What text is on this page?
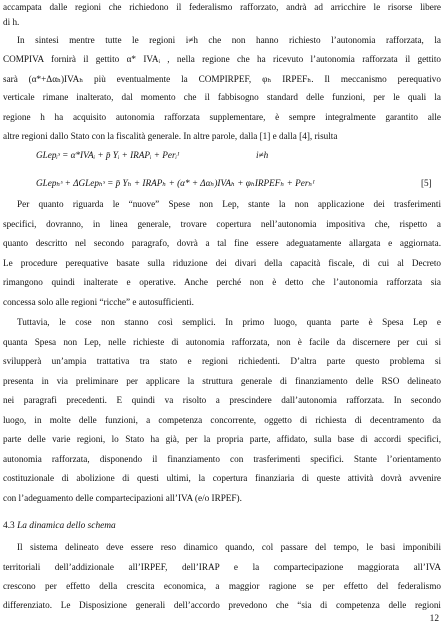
accampata dalle regioni che richiedono il federalismo rafforzato, andrà ad arricchire le risorse libere
di h.
In sintesi mentre tutte le regioni i≠h che non hanno richiesto l’autonomia rafforzata, la
COMPIVA fornirà il gettito α* IVAᵢ , nella regione che ha ricevuto l’autonomia rafforzata il gettito
sarà (α*+Δαₕ)IVAₕ più eventualmente la COMPIRPEF, φₕ IRPEFₕ. Il meccanismo perequativo
verticale rimane inalterato, dal momento che il fabbisogno standard delle funzioni, per le quali la
regione h ha acquisito autonomia rafforzata supplementare, è sempre integralmente garantito alle
altre regioni dallo Stato con la fiscalità generale. In altre parole, dalla [1] e dalla [4], risulta
GLepᵢˢ = α*IVAᵢ + p̄ Yᵢ + IRAPᵢ + Perᵢᴵ	i≠h
GLepₕˢ + ΔGLepₕˢ = p̄ Yₕ + IRAPₕ + (α* + Δαₕ)IVAₕ + φₕIRPEFₕ + Perₕᴵ	[5]
Per quanto riguarda le “nuove” Spese non Lep, stante la non applicazione dei trasferimenti
specifici, dovranno, in linea generale, trovare copertura nell’autonomia impositiva che, rispetto a
quanto descritto nel secondo paragrafo, dovrà a tal fine essere adeguatamente allargata e aggiornata.
Le procedure perequative basate sulla riduzione dei divari della capacità fiscale, di cui al Decreto
rimangono quindi inalterate e operative. Anche perché non è detto che l’autonomia rafforzata sia
concessa solo alle regioni “ricche” e autosufficienti.
Tuttavia, le cose non stanno così semplici. In primo luogo, quanta parte è Spesa Lep e
quanta Spesa non Lep, nelle richieste di autonomia rafforzata, non è facile da discernere per cui si
svilupperà un’ampia trattativa tra stato e regioni richiedenti. D’altra parte questo problema si
presenta in via preliminare per applicare la struttura generale di finanziamento delle RSO delineato
nei paragrafi precedenti. E quindi va risolto a prescindere dall’autonomia rafforzata. In secondo
luogo, in molte delle funzioni, a competenza concorrente, oggetto di richiesta di decentramento da
parte delle varie regioni, lo Stato ha già, per la propria parte, affidato, sulla base di accordi specifici,
autonomia rafforzata, disponendo il finanziamento con trasferimenti specifici. Stante l’orientamento
costituzionale di abolizione di questi ultimi, la copertura finanziaria di queste attività dovrà avvenire
con l’adeguamento delle compartecipazioni all’IVA (e/o IRPEF).
4.3 La dinamica dello schema
Il sistema delineato deve essere reso dinamico quando, col passare del tempo, le basi imponibili
territoriali dell’addizionale all’IRPEF, dell’IRAP e la compartecipazione maggiorata all’IVA
crescono per effetto della crescita economica, a maggior ragione se per effetto del federalismo
differenziato. Le Disposizione generali dell’accordo prevedono che “sia di competenza delle regioni
12
